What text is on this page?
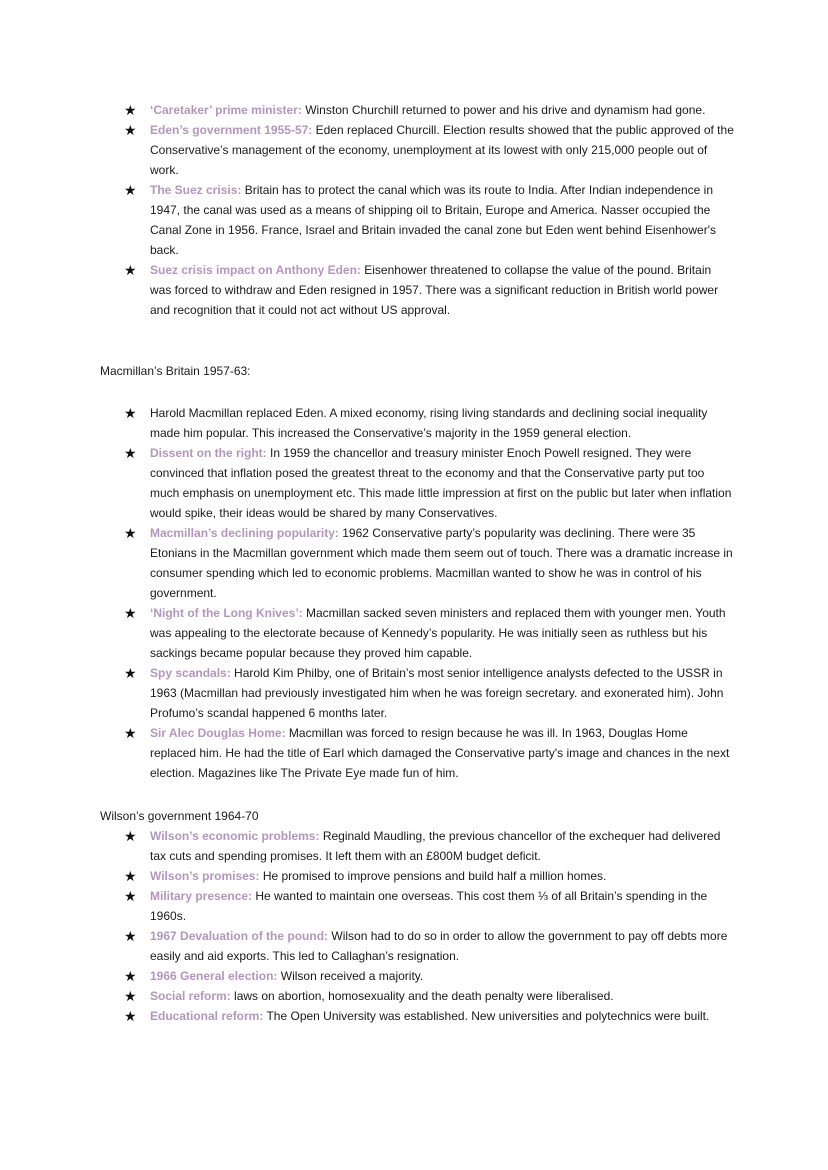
★ ‘Caretaker’ prime minister: Winston Churchill returned to power and his drive and dynamism had gone.
★ Eden’s government 1955-57: Eden replaced Churcill. Election results showed that the public approved of the Conservative’s management of the economy, unemployment at its lowest with only 215,000 people out of work.
★ The Suez crisis: Britain has to protect the canal which was its route to India. After Indian independence in 1947, the canal was used as a means of shipping oil to Britain, Europe and America. Nasser occupied the Canal Zone in 1956. France, Israel and Britain invaded the canal zone but Eden went behind Eisenhower's back.
★ Suez crisis impact on Anthony Eden: Eisenhower threatened to collapse the value of the pound. Britain was forced to withdraw and Eden resigned in 1957. There was a significant reduction in British world power and recognition that it could not act without US approval.

Macmillan’s Britain 1957-63:

★ Harold Macmillan replaced Eden. A mixed economy, rising living standards and declining social inequality made him popular. This increased the Conservative’s majority in the 1959 general election.
★ Dissent on the right: In 1959 the chancellor and treasury minister Enoch Powell resigned. They were convinced that inflation posed the greatest threat to the economy and that the Conservative party put too much emphasis on unemployment etc. This made little impression at first on the public but later when inflation would spike, their ideas would be shared by many Conservatives.
★ Macmillan’s declining popularity: 1962 Conservative party’s popularity was declining. There were 35 Etonians in the Macmillan government which made them seem out of touch. There was a dramatic increase in consumer spending which led to economic problems. Macmillan wanted to show he was in control of his government.
★ ‘Night of the Long Knives’: Macmillan sacked seven ministers and replaced them with younger men. Youth was appealing to the electorate because of Kennedy’s popularity. He was initially seen as ruthless but his sackings became popular because they proved him capable.
★ Spy scandals: Harold Kim Philby, one of Britain’s most senior intelligence analysts defected to the USSR in 1963 (Macmillan had previously investigated him when he was foreign secretary. and exonerated him). John Profumo’s scandal happened 6 months later.
★ Sir Alec Douglas Home: Macmillan was forced to resign because he was ill. In 1963, Douglas Home replaced him. He had the title of Earl which damaged the Conservative party's image and chances in the next election. Magazines like The Private Eye made fun of him.

Wilson’s government 1964-70

★ Wilson’s economic problems: Reginald Maudling, the previous chancellor of the exchequer had delivered tax cuts and spending promises. It left them with an £800M budget deficit.
★ Wilson’s promises: He promised to improve pensions and build half a million homes.
★ Military presence: He wanted to maintain one overseas. This cost them ⅓ of all Britain’s spending in the 1960s.
★ 1967 Devaluation of the pound: Wilson had to do so in order to allow the government to pay off debts more easily and aid exports. This led to Callaghan’s resignation.
★ 1966 General election: Wilson received a majority.
★ Social reform: laws on abortion, homosexuality and the death penalty were liberalised.
★ Educational reform: The Open University was established. New universities and polytechnics were built.
